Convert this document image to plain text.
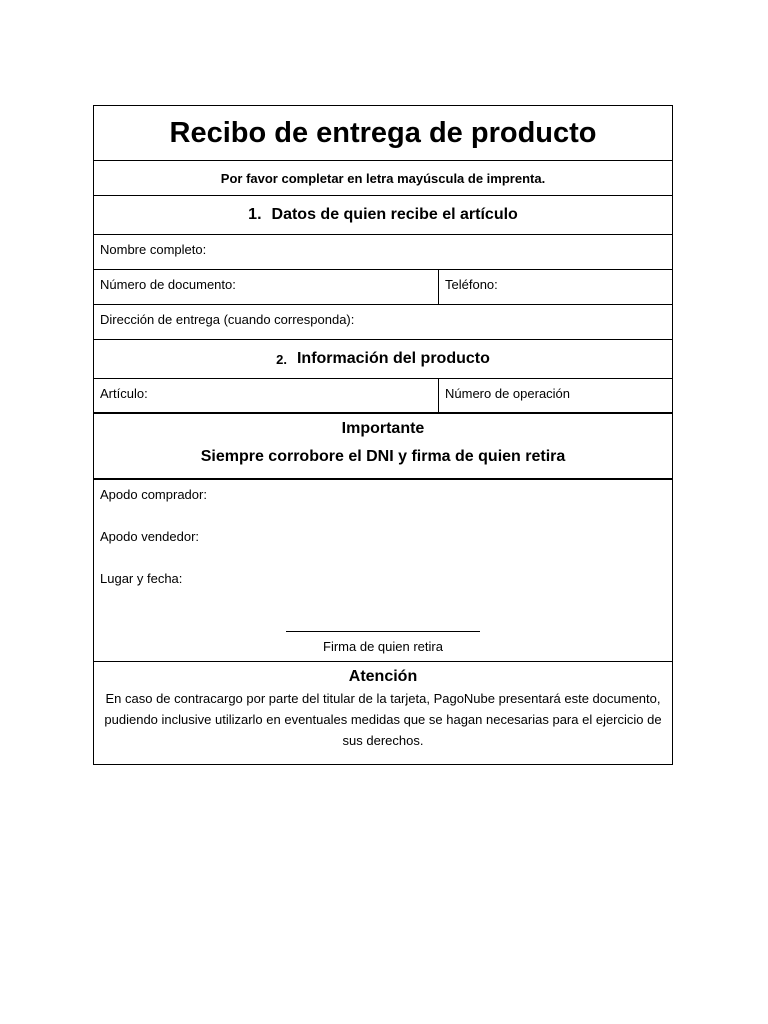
Recibo de entrega de producto
Por favor completar en letra mayúscula de imprenta.
1. Datos de quien recibe el artículo
Nombre completo:
Número de documento:	Teléfono:
Dirección de entrega (cuando corresponda):
2. Información del producto
Artículo:	Número de operación
Importante
Siempre corrobore el DNI y firma de quien retira
Apodo comprador:
Apodo vendedor:
Lugar y fecha:
Firma de quien retira
Atención
En caso de contracargo por parte del titular de la tarjeta, PagoNube presentará este documento, pudiendo inclusive utilizarlo en eventuales medidas que se hagan necesarias para el ejercicio de sus derechos.
